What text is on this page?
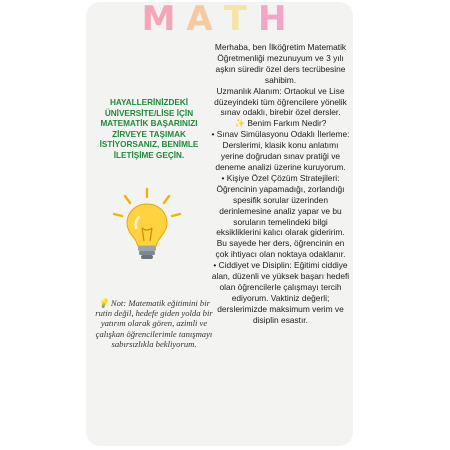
MATH
HAYALLERİNİZDEKİ ÜNİVERSİTE/LİSE İÇİN MATEMATİK BAŞARINIZI ZİRVEYE TAŞIMAK İSTİYORSANIZ, BENİMLE İLETİŞİME GEÇİN.
💡 Not: Matematik eğitimini bir rutin değil, hedefe giden yolda bir yatırım olarak gören, azimli ve çalışkan öğrencilerimle tanışmayı sabırsızlıkla bekliyorum.

Merhaba, ben İlköğretim Matematik Öğretmenliği mezunuyum ve 3 yılı aşkın süredir özel ders tecrübesine sahibim.

Uzmanlık Alanım: Ortaokul ve Lise düzeyindeki tüm öğrencilere yönelik sınav odaklı, birebir özel dersler.

✨ Benim Farkım Nedir?

• Sınav Simülasyonu Odaklı İlerleme: Derslerimi, klasik konu anlatımı yerine doğrudan sınav pratiği ve deneme analizi üzerine kuruyorum.

• Kişiye Özel Çözüm Stratejileri: Öğrencinin yapamadığı, zorlandığı spesifik sorular üzerinden derinlemesine analiz yapar ve bu soruların temelindeki bilgi eksikliklerini kalıcı olarak gideririm. Bu sayede her ders, öğrencinin en çok ihtiyacı olan noktaya odaklanır.

• Ciddiyet ve Disiplin: Eğitimi ciddiye alan, düzenli ve yüksek başarı hedefi olan öğrencilerle çalışmayı tercih ediyorum. Vaktiniz değerli; derslerimizde maksimum verim ve disiplin esastır.
